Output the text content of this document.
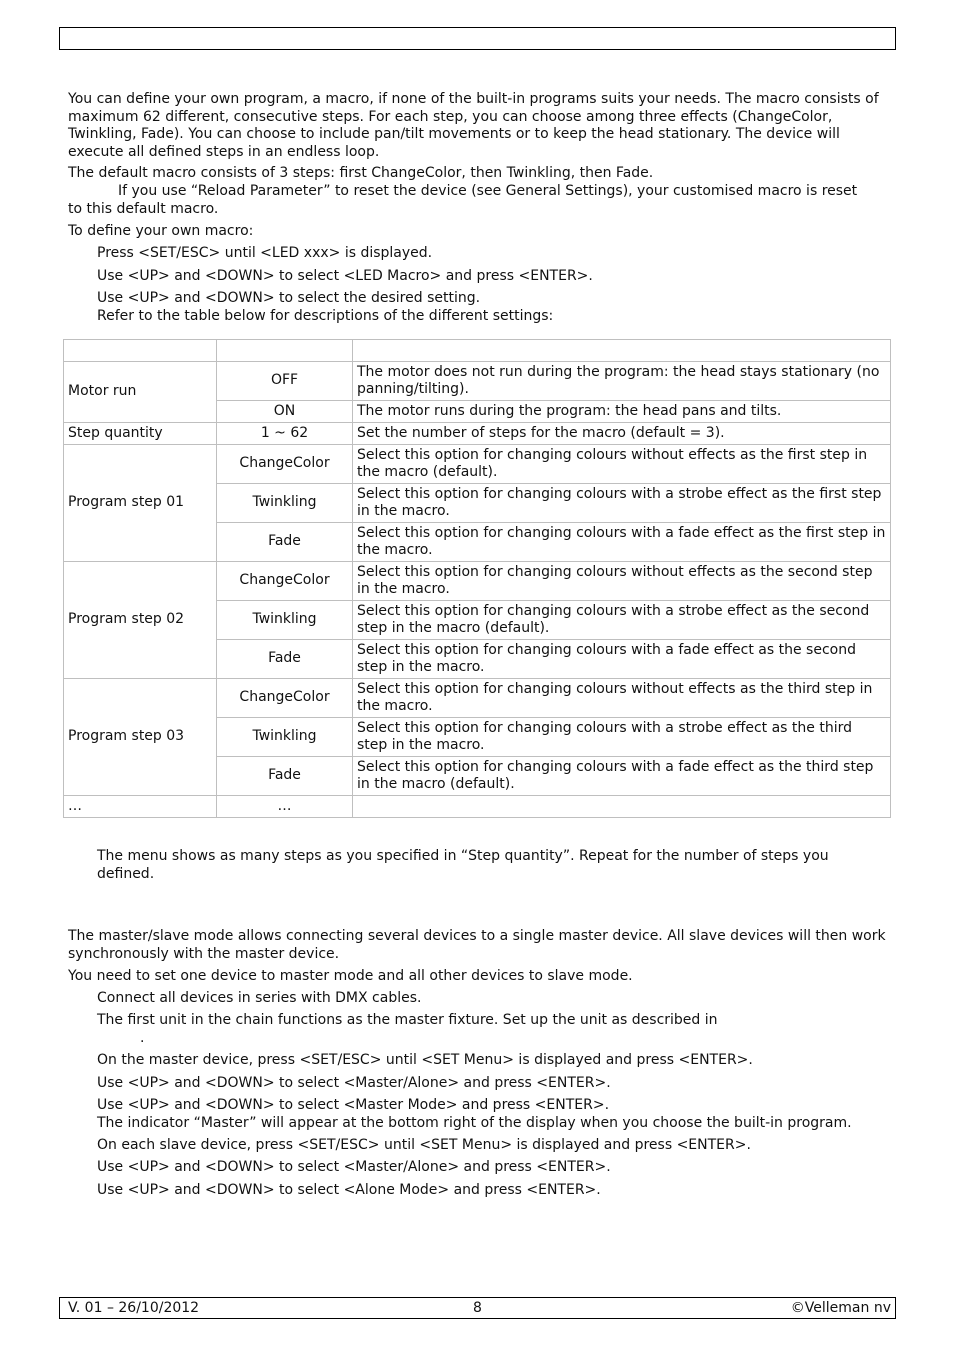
You can define your own program, a macro, if none of the built-in programs suits your needs. The macro consists of maximum 62 different, consecutive steps. For each step, you can choose among three effects (ChangeColor, Twinkling, Fade). You can choose to include pan/tilt movements or to keep the head stationary. The device will execute all defined steps in an endless loop.
The default macro consists of 3 steps: first ChangeColor, then Twinkling, then Fade.
If you use “Reload Parameter” to reset the device (see General Settings), your customised macro is reset
to this default macro.
To define your own macro:
Press <SET/ESC> until <LED xxx> is displayed.
Use <UP> and <DOWN> to select <LED Macro> and press <ENTER>.
Use <UP> and <DOWN> to select the desired setting.
Refer to the table below for descriptions of the different settings:

Motor run	OFF	The motor does not run during the program: the head stays stationary (no panning/tilting).
	ON	The motor runs during the program: the head pans and tilts.
Step quantity	1 ~ 62	Set the number of steps for the macro (default = 3).
Program step 01	ChangeColor	Select this option for changing colours without effects as the first step in the macro (default).
	Twinkling	Select this option for changing colours with a strobe effect as the first step in the macro.
	Fade	Select this option for changing colours with a fade effect as the first step in the macro.
Program step 02	ChangeColor	Select this option for changing colours without effects as the second step in the macro.
	Twinkling	Select this option for changing colours with a strobe effect as the second step in the macro (default).
	Fade	Select this option for changing colours with a fade effect as the second step in the macro.
Program step 03	ChangeColor	Select this option for changing colours without effects as the third step in the macro.
	Twinkling	Select this option for changing colours with a strobe effect as the third step in the macro.
	Fade	Select this option for changing colours with a fade effect as the third step in the macro (default).
…	…	
The menu shows as many steps as you specified in “Step quantity”. Repeat for the number of steps you defined.
The master/slave mode allows connecting several devices to a single master device. All slave devices will then work synchronously with the master device.
You need to set one device to master mode and all other devices to slave mode.
Connect all devices in series with DMX cables.
The first unit in the chain functions as the master fixture. Set up the unit as described in
.
On the master device, press <SET/ESC> until <SET Menu> is displayed and press <ENTER>.
Use <UP> and <DOWN> to select <Master/Alone> and press <ENTER>.
Use <UP> and <DOWN> to select <Master Mode> and press <ENTER>.
The indicator “Master” will appear at the bottom right of the display when you choose the built-in program.
On each slave device, press <SET/ESC> until <SET Menu> is displayed and press <ENTER>.
Use <UP> and <DOWN> to select <Master/Alone> and press <ENTER>.
Use <UP> and <DOWN> to select <Alone Mode> and press <ENTER>.
V. 01 – 26/10/2012	8	©Velleman nv
